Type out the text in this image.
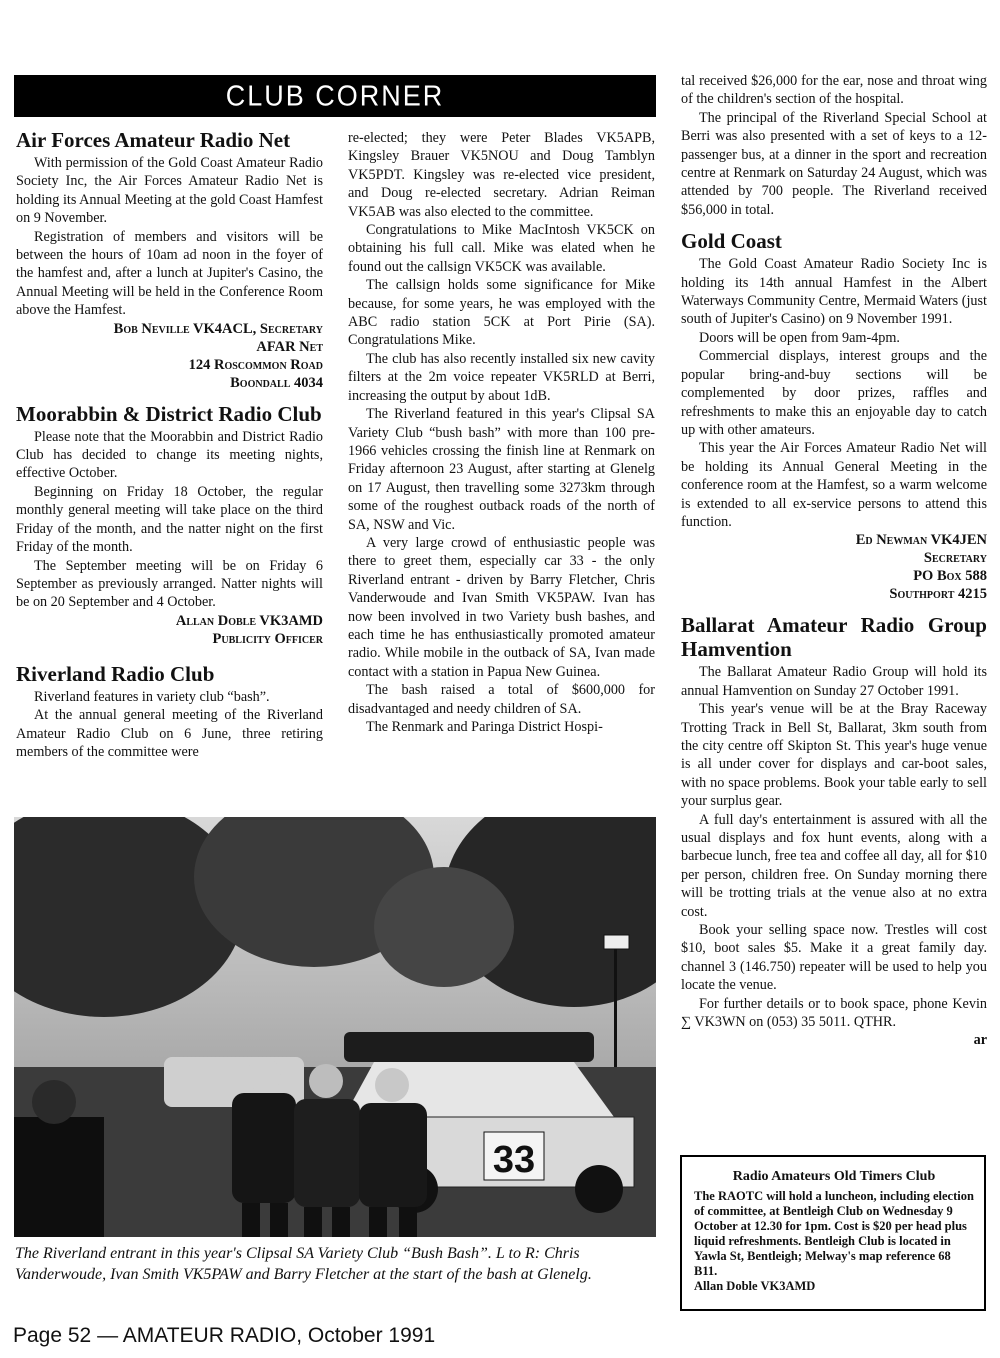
CLUB CORNER
Air Forces Amateur Radio Net

With permission of the Gold Coast Amateur Radio Society Inc, the Air Forces Amateur Radio Net is holding its Annual Meeting at the gold Coast Hamfest on 9 November.

Registration of members and visitors will be between the hours of 10am ad noon in the foyer of the hamfest and, after a lunch at Jupiter's Casino, the Annual Meeting will be held in the Conference Room above the Hamfest.

Bob Neville VK4ACL, Secretary
AFAR Net
124 Roscommon Road
Boondall 4034
Moorabbin & District Radio Club

Please note that the Moorabbin and District Radio Club has decided to change its meeting nights, effective October.

Beginning on Friday 18 October, the regular monthly general meeting will take place on the third Friday of the month, and the natter night on the first Friday of the month.

The September meeting will be on Friday 6 September as previously arranged. Natter nights will be on 20 September and 4 October.

Allan Doble VK3AMD
Publicity Officer
Riverland Radio Club

Riverland features in variety club “bash”.

At the annual general meeting of the Riverland Amateur Radio Club on 6 June, three retiring members of the committee were

re-elected; they were Peter Blades VK5APB, Kingsley Brauer VK5NOU and Doug Tamblyn VK5PDT. Kingsley was re-elected vice president, and Doug re-elected secretary. Adrian Reiman VK5AB was also elected to the committee.

Congratulations to Mike MacIntosh VK5CK on obtaining his full call. Mike was elated when he found out the callsign VK5CK was available.

The callsign holds some significance for Mike because, for some years, he was employed with the ABC radio station 5CK at Port Pirie (SA). Congratulations Mike.

The club has also recently installed six new cavity filters at the 2m voice repeater VK5RLD at Berri, increasing the output by about 1dB.

The Riverland featured in this year's Clipsal SA Variety Club “bush bash” with more than 100 pre-1966 vehicles crossing the finish line at Renmark on Friday afternoon 23 August, after starting at Glenelg on 17 August, then travelling some 3273km through some of the roughest outback roads of the north of SA, NSW and Vic.

A very large crowd of enthusiastic people was there to greet them, especially car 33 - the only Riverland entrant - driven by Barry Fletcher, Chris Vanderwoude and Ivan Smith VK5PAW. Ivan has now been involved in two Variety bush bashes, and each time he has enthusiastically promoted amateur radio. While mobile in the outback of SA, Ivan made contact with a station in Papua New Guinea.

The bash raised a total of $600,000 for disadvantaged and needy children of SA.

The Renmark and Paringa District Hospi-

tal received $26,000 for the ear, nose and throat wing of the children's section of the hospital.

The principal of the Riverland Special School at Berri was also presented with a set of keys to a 12-passenger bus, at a dinner in the sport and recreation centre at Renmark on Saturday 24 August, which was attended by 700 people. The Riverland received $56,000 in total.

Gold Coast

The Gold Coast Amateur Radio Society Inc is holding its 14th annual Hamfest in the Albert Waterways Community Centre, Mermaid Waters (just south of Jupiter's Casino) on 9 November 1991.

Doors will be open from 9am-4pm.

Commercial displays, interest groups and the popular bring-and-buy sections will be complemented by door prizes, raffles and refreshments to make this an enjoyable day to catch up with other amateurs.

This year the Air Forces Amateur Radio Net will be holding its Annual General Meeting in the conference room at the Hamfest, so a warm welcome is extended to all ex-service persons to attend this function.

Ed Newman VK4JEN
Secretary
PO Box 588
Southport 4215
Ballarat Amateur Radio Group Hamvention

The Ballarat Amateur Radio Group will hold its annual Hamvention on Sunday 27 October 1991.

This year's venue will be at the Bray Raceway Trotting Track in Bell St, Ballarat, 3km south from the city centre off Skipton St. This year's huge venue is all under cover for displays and car-boot sales, with no space problems. Book your table early to sell your surplus gear.

A full day's entertainment is assured with all the usual displays and fox hunt events, along with a barbecue lunch, free tea and coffee all day, all for $10 per person, children free. On Sunday morning there will be trotting trials at the venue also at no extra cost.

Book your selling space now. Trestles will cost $10, boot sales $5. Make it a great family day. channel 3 (146.750) repeater will be used to help you locate the venue.

For further details or to book space, phone Kevin ∑ VK3WN on (053) 35 5011. QTHR.

ar
Radio Amateurs Old Timers Club
The RAOTC will hold a luncheon, including election of committee, at Bentleigh Club on Wednesday 9 October at 12.30 for 1pm. Cost is $20 per head plus liquid refreshments. Bentleigh Club is located in Yawla St, Bentleigh; Melway's map reference 68 B11.
Allan Doble VK3AMD
33
The Riverland entrant in this year's Clipsal SA Variety Club “Bush Bash”. L to R: Chris Vanderwoude, Ivan Smith VK5PAW and Barry Fletcher at the start of the bash at Glenelg.
Page 52 — AMATEUR RADIO, October 1991
